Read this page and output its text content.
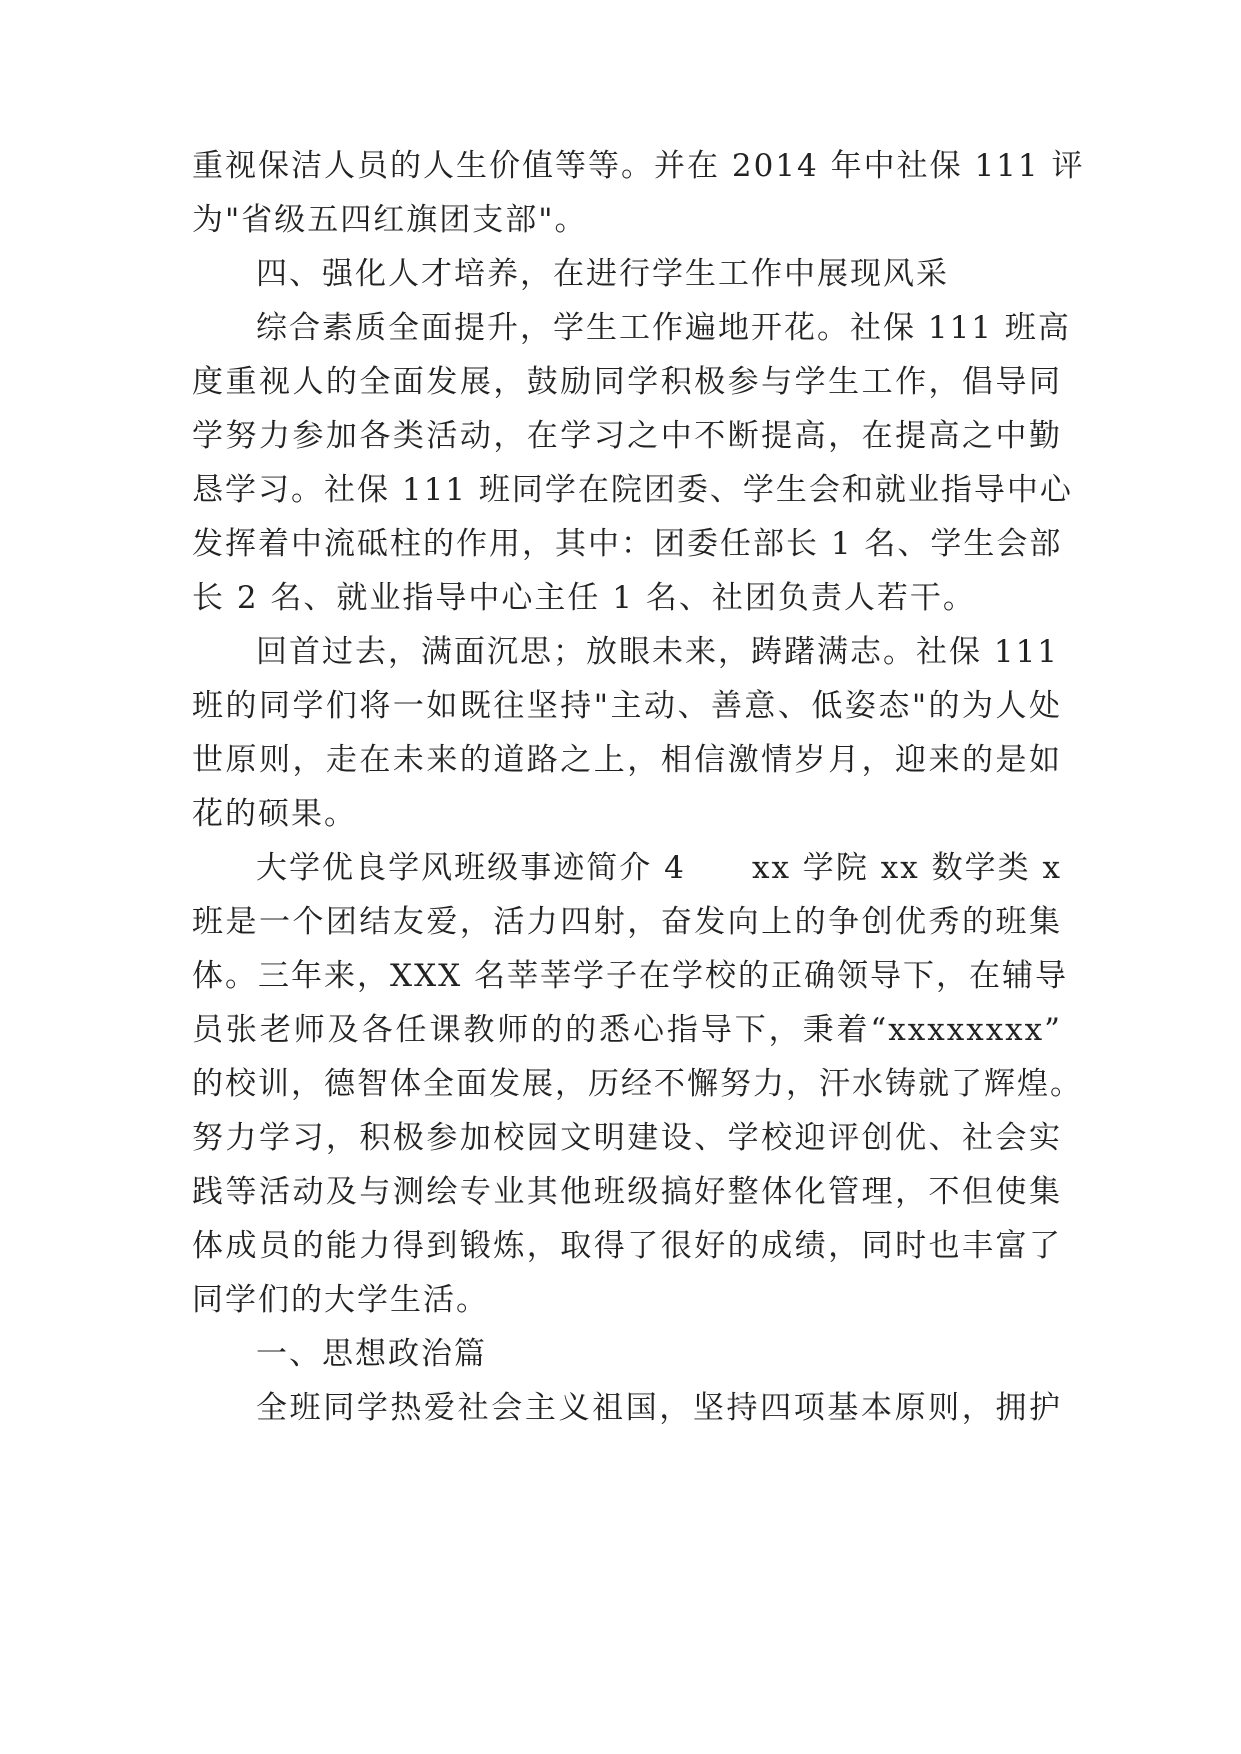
重视保洁人员的人生价值等等。并在 2014 年中社保 111 评
为"省级五四红旗团支部"。
四、强化人才培养，在进行学生工作中展现风采
综合素质全面提升，学生工作遍地开花。社保 111 班高
度重视人的全面发展，鼓励同学积极参与学生工作，倡导同
学努力参加各类活动，在学习之中不断提高，在提高之中勤
恳学习。社保 111 班同学在院团委、学生会和就业指导中心
发挥着中流砥柱的作用，其中：团委任部长 1 名、学生会部
长 2 名、就业指导中心主任 1 名、社团负责人若干。
回首过去，满面沉思；放眼未来，踌躇满志。社保 111
班的同学们将一如既往坚持"主动、善意、低姿态"的为人处
世原则，走在未来的道路之上，相信激情岁月，迎来的是如
花的硕果。
大学优良学风班级事迹简介 4　　xx 学院 xx 数学类 x
班是一个团结友爱，活力四射，奋发向上的争创优秀的班集
体。三年来，XXX 名莘莘学子在学校的正确领导下，在辅导
员张老师及各任课教师的的悉心指导下，秉着“xxxxxxxx”
的校训，德智体全面发展，历经不懈努力，汗水铸就了辉煌。
努力学习，积极参加校园文明建设、学校迎评创优、社会实
践等活动及与测绘专业其他班级搞好整体化管理，不但使集
体成员的能力得到锻炼，取得了很好的成绩，同时也丰富了
同学们的大学生活。
一、思想政治篇
全班同学热爱社会主义祖国，坚持四项基本原则，拥护
